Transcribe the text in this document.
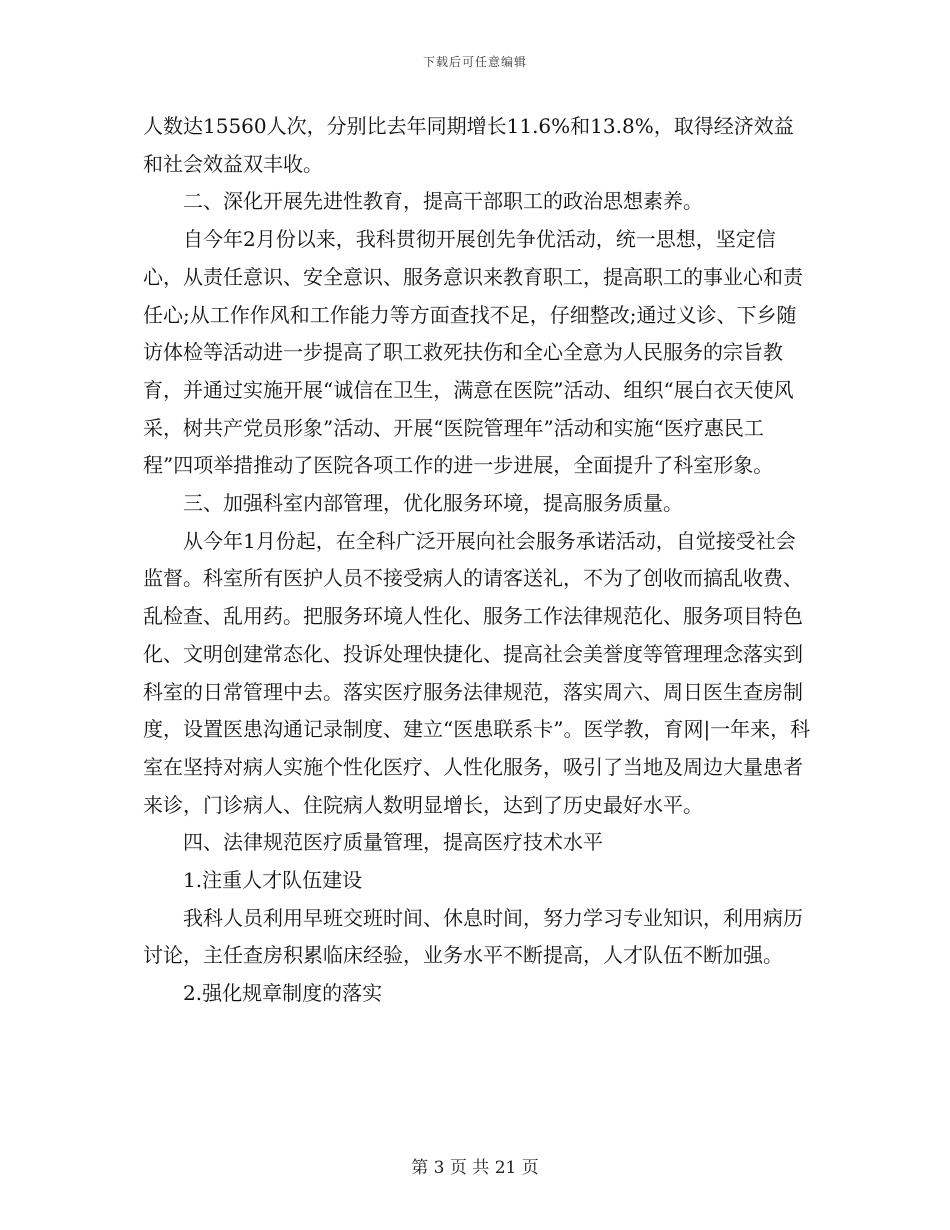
下载后可任意编辑

人数达15560人次，分别比去年同期增长11.6%和13.8%，取得经济效益和社会效益双丰收。

二、深化开展先进性教育，提高干部职工的政治思想素养。

自今年2月份以来，我科贯彻开展创先争优活动，统一思想，坚定信心，从责任意识、安全意识、服务意识来教育职工，提高职工的事业心和责任心;从工作作风和工作能力等方面查找不足，仔细整改;通过义诊、下乡随访体检等活动进一步提高了职工救死扶伤和全心全意为人民服务的宗旨教育，并通过实施开展“诚信在卫生，满意在医院”活动、组织“展白衣天使风采，树共产党员形象”活动、开展“医院管理年”活动和实施“医疗惠民工程”四项举措推动了医院各项工作的进一步进展，全面提升了科室形象。

三、加强科室内部管理，优化服务环境，提高服务质量。

从今年1月份起，在全科广泛开展向社会服务承诺活动，自觉接受社会监督。科室所有医护人员不接受病人的请客送礼，不为了创收而搞乱收费、乱检查、乱用药。把服务环境人性化、服务工作法律规范化、服务项目特色化、文明创建常态化、投诉处理快捷化、提高社会美誉度等管理理念落实到科室的日常管理中去。落实医疗服务法律规范，落实周六、周日医生查房制度，设置医患沟通记录制度、建立“医患联系卡”。医学教，育网|一年来，科室在坚持对病人实施个性化医疗、人性化服务，吸引了当地及周边大量患者来诊，门诊病人、住院病人数明显增长，达到了历史最好水平。

四、法律规范医疗质量管理，提高医疗技术水平

1.注重人才队伍建设

我科人员利用早班交班时间、休息时间，努力学习专业知识，利用病历讨论，主任查房积累临床经验，业务水平不断提高，人才队伍不断加强。

2.强化规章制度的落实

第 3 页 共 21 页
